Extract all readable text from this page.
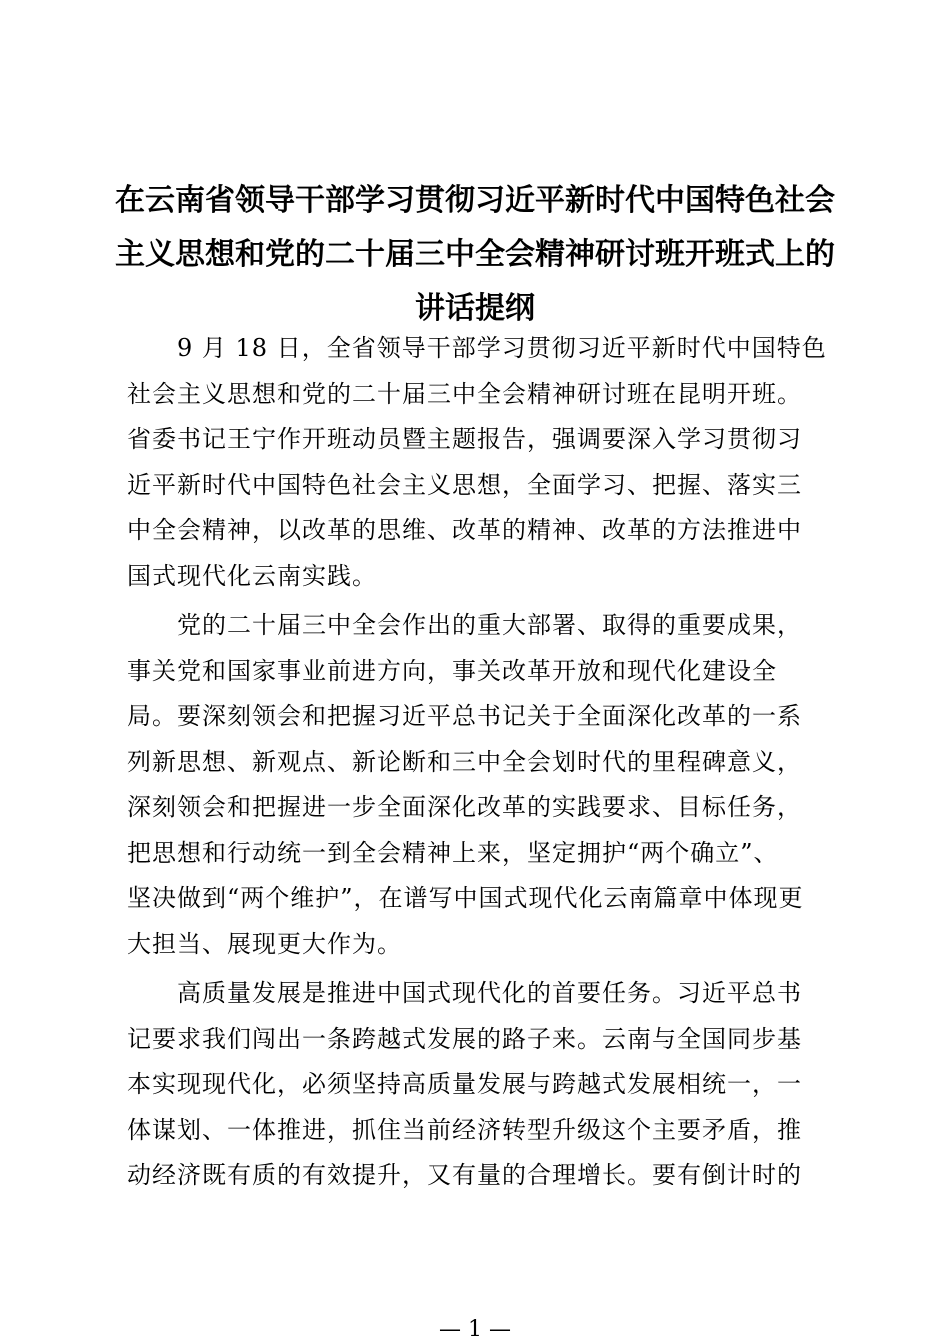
在云南省领导干部学习贯彻习近平新时代中国特色社会
主义思想和党的二十届三中全会精神研讨班开班式上的
讲话提纲

　　9 月 18 日，全省领导干部学习贯彻习近平新时代中国特色
社会主义思想和党的二十届三中全会精神研讨班在昆明开班。
省委书记王宁作开班动员暨主题报告，强调要深入学习贯彻习
近平新时代中国特色社会主义思想，全面学习、把握、落实三
中全会精神，以改革的思维、改革的精神、改革的方法推进中
国式现代化云南实践。

　　党的二十届三中全会作出的重大部署、取得的重要成果，
事关党和国家事业前进方向，事关改革开放和现代化建设全
局。要深刻领会和把握习近平总书记关于全面深化改革的一系
列新思想、新观点、新论断和三中全会划时代的里程碑意义，
深刻领会和把握进一步全面深化改革的实践要求、目标任务，
把思想和行动统一到全会精神上来，坚定拥护“两个确立”、
坚决做到“两个维护”，在谱写中国式现代化云南篇章中体现更
大担当、展现更大作为。

　　高质量发展是推进中国式现代化的首要任务。习近平总书
记要求我们闯出一条跨越式发展的路子来。云南与全国同步基
本实现现代化，必须坚持高质量发展与跨越式发展相统一，一
体谋划、一体推进，抓住当前经济转型升级这个主要矛盾，推
动经济既有质的有效提升，又有量的合理增长。要有倒计时的

— 1 —
